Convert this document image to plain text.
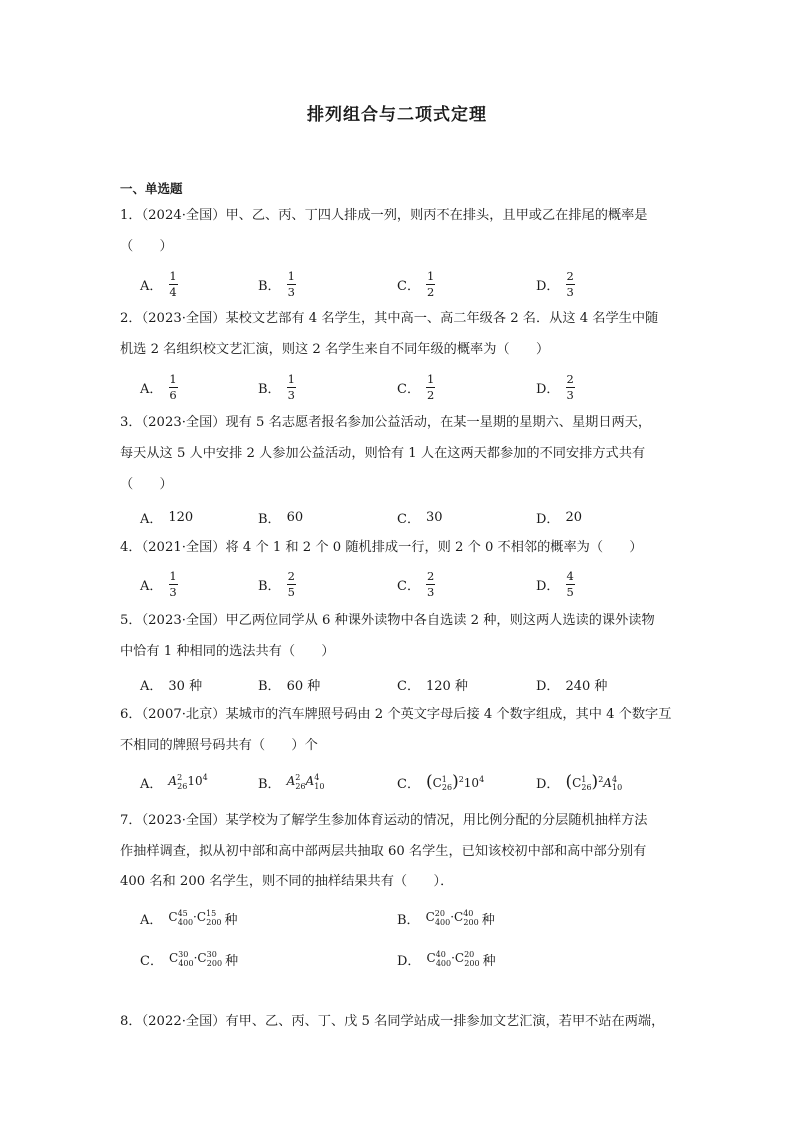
排列组合与二项式定理
一、单选题
1．（2024·全国）甲、乙、丙、丁四人排成一列，则丙不在排头，且甲或乙在排尾的概率是
（　　）
A． $\frac{1}{4}$	B． $\frac{1}{3}$	C． $\frac{1}{2}$	D． $\frac{2}{3}$
2．（2023·全国）某校文艺部有 4 名学生，其中高一、高二年级各 2 名．从这 4 名学生中随
机选 2 名组织校文艺汇演，则这 2 名学生来自不同年级的概率为（　　）
A． $\frac{1}{6}$	B． $\frac{1}{3}$	C． $\frac{1}{2}$	D． $\frac{2}{3}$
3．（2023·全国）现有 5 名志愿者报名参加公益活动，在某一星期的星期六、星期日两天，
每天从这 5 人中安排 2 人参加公益活动，则恰有 1 人在这两天都参加的不同安排方式共有
（　　）
A． 120	B． 60	C． 30	D． 20
4．（2021·全国）将 4 个 1 和 2 个 0 随机排成一行，则 2 个 0 不相邻的概率为（　　）
A． $\frac{1}{3}$	B． $\frac{2}{5}$	C． $\frac{2}{3}$	D． $\frac{4}{5}$
5．（2023·全国）甲乙两位同学从 6 种课外读物中各自选读 2 种，则这两人选读的课外读物
中恰有 1 种相同的选法共有（　　）
A． 30 种	B． 60 种	C． 120 种	D． 240 种
6．（2007·北京）某城市的汽车牌照号码由 2 个英文字母后接 4 个数字组成，其中 4 个数字互
不相同的牌照号码共有（　　）个
A． $A^2_{26}10^4$	B． $A^2_{26}A^4_{10}$	C． $(C^1_{26})^210^4$	D． $(C^1_{26})^2A^4_{10}$
7．（2023·全国）某学校为了解学生参加体育运动的情况，用比例分配的分层随机抽样方法
作抽样调查，拟从初中部和高中部两层共抽取 60 名学生，已知该校初中部和高中部分别有
400 名和 200 名学生，则不同的抽样结果共有（　　）．
A． $C^{45}_{400}\cdot C^{15}_{200}$ 种	B． $C^{20}_{400}\cdot C^{40}_{200}$ 种
C． $C^{30}_{400}\cdot C^{30}_{200}$ 种	D． $C^{40}_{400}\cdot C^{20}_{200}$ 种
8．（2022·全国）有甲、乙、丙、丁、戊 5 名同学站成一排参加文艺汇演，若甲不站在两端，
